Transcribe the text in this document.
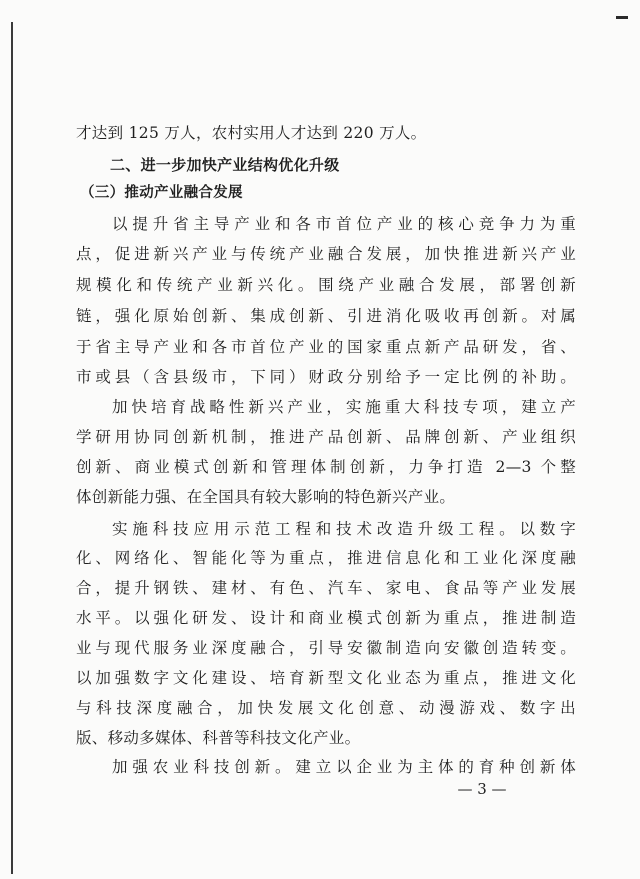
才达到 125 万人，农村实用人才达到 220 万人。
二、进一步加快产业结构优化升级
（三）推动产业融合发展
以提升省主导产业和各市首位产业的核心竞争力为重
点，促进新兴产业与传统产业融合发展，加快推进新兴产业
规模化和传统产业新兴化。围绕产业融合发展，部署创新
链，强化原始创新、集成创新、引进消化吸收再创新。对属
于省主导产业和各市首位产业的国家重点新产品研发，省、
市或县（含县级市，下同）财政分别给予一定比例的补助。
加快培育战略性新兴产业，实施重大科技专项，建立产
学研用协同创新机制，推进产品创新、品牌创新、产业组织
创新、商业模式创新和管理体制创新，力争打造 2—3 个整
体创新能力强、在全国具有较大影响的特色新兴产业。
实施科技应用示范工程和技术改造升级工程。以数字
化、网络化、智能化等为重点，推进信息化和工业化深度融
合，提升钢铁、建材、有色、汽车、家电、食品等产业发展
水平。以强化研发、设计和商业模式创新为重点，推进制造
业与现代服务业深度融合，引导安徽制造向安徽创造转变。
以加强数字文化建设、培育新型文化业态为重点，推进文化
与科技深度融合，加快发展文化创意、动漫游戏、数字出
版、移动多媒体、科普等科技文化产业。
加强农业科技创新。建立以企业为主体的育种创新体
— 3 —
